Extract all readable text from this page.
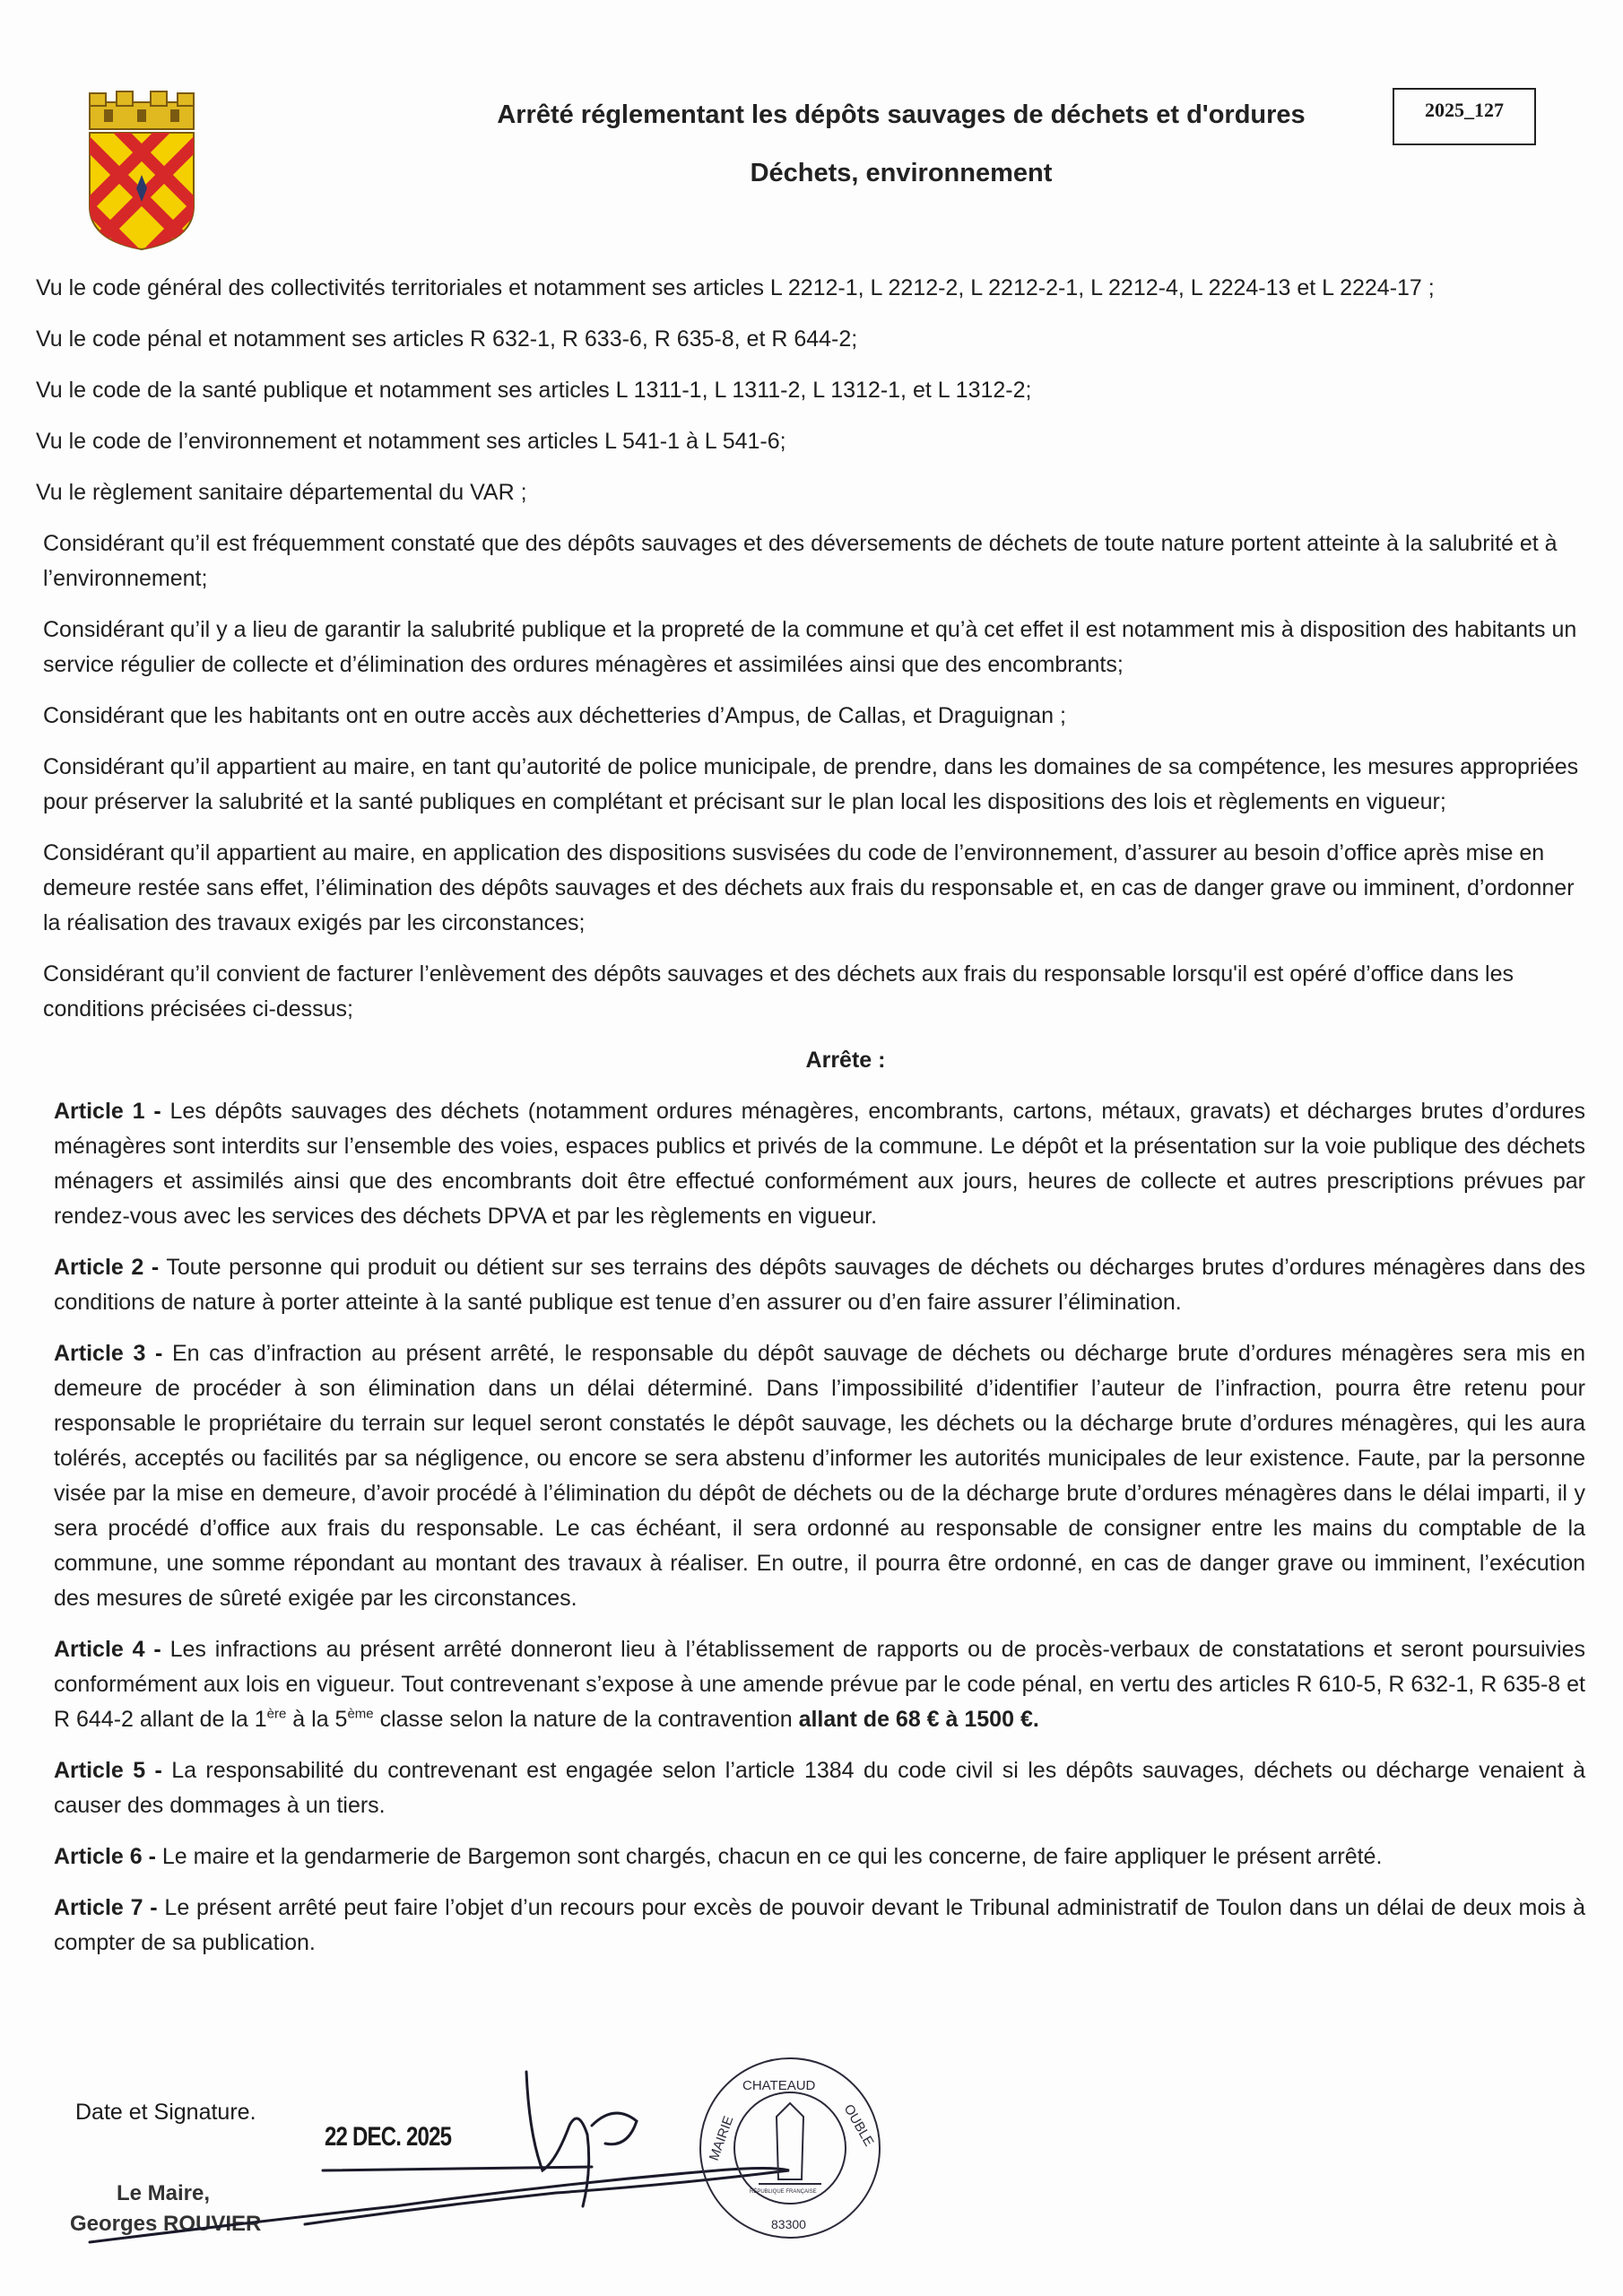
Arrêté réglementant les dépôts sauvages de déchets et d'ordures
Déchets, environnement
2025_127

Vu le code général des collectivités territoriales et notamment ses articles L 2212-1, L 2212-2, L 2212-2-1, L 2212-4, L 2224-13 et L 2224-17 ;

Vu le code pénal et notamment ses articles R 632-1, R 633-6, R 635-8, et R 644-2;

Vu le code de la santé publique et notamment ses articles L 1311-1, L 1311-2, L 1312-1, et L 1312-2;

Vu le code de l’environnement et notamment ses articles L 541-1 à L 541-6;

Vu le règlement sanitaire départemental du VAR ;

Considérant qu’il est fréquemment constaté que des dépôts sauvages et des déversements de déchets de toute nature portent atteinte à la salubrité et à l’environnement;

Considérant qu’il y a lieu de garantir la salubrité publique et la propreté de la commune et qu’à cet effet il est notamment mis à disposition des habitants un service régulier de collecte et d’élimination des ordures ménagères et assimilées ainsi que des encombrants;

Considérant que les habitants ont en outre accès aux déchetteries d’Ampus, de Callas, et Draguignan ;

Considérant qu’il appartient au maire, en tant qu’autorité de police municipale, de prendre, dans les domaines de sa compétence, les mesures appropriées pour préserver la salubrité et la santé publiques en complétant et précisant sur le plan local les dispositions des lois et règlements en vigueur;

Considérant qu’il appartient au maire, en application des dispositions susvisées du code de l’environnement, d’assurer au besoin d’office après mise en demeure restée sans effet, l’élimination des dépôts sauvages et des déchets aux frais du responsable et, en cas de danger grave ou imminent, d’ordonner la réalisation des travaux exigés par les circonstances;

Considérant qu’il convient de facturer l’enlèvement des dépôts sauvages et des déchets aux frais du responsable lorsqu'il est opéré d’office dans les conditions précisées ci-dessus;

Arrête :

Article 1 - Les dépôts sauvages des déchets (notamment ordures ménagères, encombrants, cartons, métaux, gravats) et décharges brutes d’ordures ménagères sont interdits sur l’ensemble des voies, espaces publics et privés de la commune. Le dépôt et la présentation sur la voie publique des déchets ménagers et assimilés ainsi que des encombrants doit être effectué conformément aux jours, heures de collecte et autres prescriptions prévues par rendez-vous avec les services des déchets DPVA et par les règlements en vigueur.

Article 2 - Toute personne qui produit ou détient sur ses terrains des dépôts sauvages de déchets ou décharges brutes d’ordures ménagères dans des conditions de nature à porter atteinte à la santé publique est tenue d’en assurer ou d’en faire assurer l’élimination.

Article 3 - En cas d’infraction au présent arrêté, le responsable du dépôt sauvage de déchets ou décharge brute d’ordures ménagères sera mis en demeure de procéder à son élimination dans un délai déterminé. Dans l’impossibilité d’identifier l’auteur de l’infraction, pourra être retenu pour responsable le propriétaire du terrain sur lequel seront constatés le dépôt sauvage, les déchets ou la décharge brute d’ordures ménagères, qui les aura tolérés, acceptés ou facilités par sa négligence, ou encore se sera abstenu d’informer les autorités municipales de leur existence. Faute, par la personne visée par la mise en demeure, d’avoir procédé à l’élimination du dépôt de déchets ou de la décharge brute d’ordures ménagères dans le délai imparti, il y sera procédé d’office aux frais du responsable. Le cas échéant, il sera ordonné au responsable de consigner entre les mains du comptable de la commune, une somme répondant au montant des travaux à réaliser. En outre, il pourra être ordonné, en cas de danger grave ou imminent, l’exécution des mesures de sûreté exigée par les circonstances.

Article 4 - Les infractions au présent arrêté donneront lieu à l’établissement de rapports ou de procès-verbaux de constatations et seront poursuivies conformément aux lois en vigueur. Tout contrevenant s’expose à une amende prévue par le code pénal, en vertu des articles R 610-5, R 632-1, R 635-8 et R 644-2 allant de la 1ère à la 5ème classe selon la nature de la contravention allant de 68 € à 1500 €.

Article 5 - La responsabilité du contrevenant est engagée selon l’article 1384 du code civil si les dépôts sauvages, déchets ou décharge venaient à causer des dommages à un tiers.

Article 6 - Le maire et la gendarmerie de Bargemon sont chargés, chacun en ce qui les concerne, de faire appliquer le présent arrêté.

Article 7 - Le présent arrêté peut faire l’objet d’un recours pour excès de pouvoir devant le Tribunal administratif de Toulon dans un délai de deux mois à compter de sa publication.

Date et Signature.
22 DEC. 2025
Le Maire,
Georges ROUVIER
CHATEAUD
MAIRIE	OUBLE
83300
RÉPUBLIQUE FRANÇAISE
